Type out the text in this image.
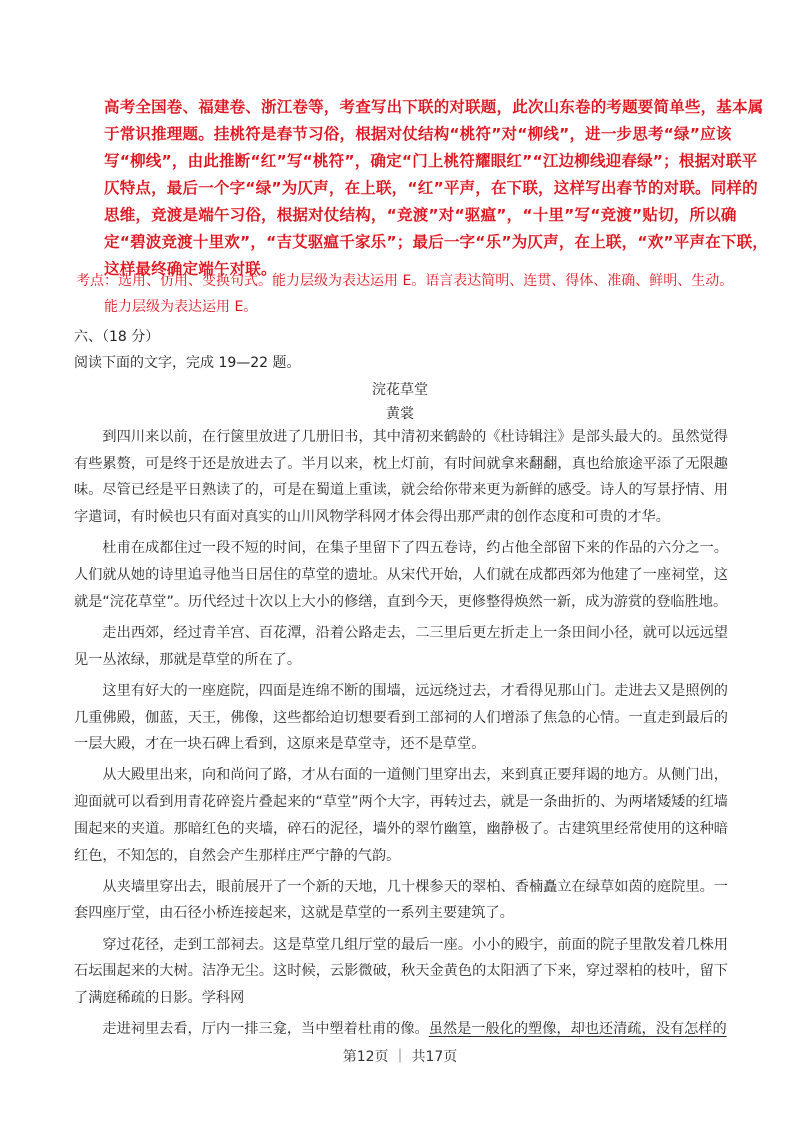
高考全国卷、福建卷、浙江卷等，考查写出下联的对联题，此次山东卷的考题要简单些，基本属于常识推理题。挂桃符是春节习俗，根据对仗结构“桃符”对“柳线”，进一步思考“绿”应该写“柳线”，由此推断“红”写“桃符”，确定“门上桃符耀眼红”“江边柳线迎春绿”；根据对联平仄特点，最后一个字“绿”为仄声，在上联，“红”平声，在下联，这样写出春节的对联。同样的思维，竞渡是端午习俗，根据对仗结构，“竞渡”对“驱瘟”，“十里”写“竞渡”贴切，所以确定“碧波竞渡十里欢”，“吉艾驱瘟千家乐”；最后一字“乐”为仄声，在上联，“欢”平声在下联，这样最终确定端午对联。

考点：选用、仿用、变换句式。能力层级为表达运用 E。语言表达简明、连贯、得体、准确、鲜明、生动。

能力层级为表达运用 E。

六、（18 分）
阅读下面的文字，完成 19—22 题。
浣花草堂
黄裳

到四川来以前，在行箧里放进了几册旧书，其中清初来鹤龄的《杜诗辑注》是部头最大的。虽然觉得有些累赘，可是终于还是放进去了。半月以来，枕上灯前，有时间就拿来翻翻，真也给旅途平添了无限趣味。尽管已经是平日熟读了的，可是在蜀道上重读，就会给你带来更为新鲜的感受。诗人的写景抒情、用字遣词，有时候也只有面对真实的山川风物学科网才体会得出那严肃的创作态度和可贵的才华。

杜甫在成都住过一段不短的时间，在集子里留下了四五卷诗，约占他全部留下来的作品的六分之一。人们就从她的诗里追寻他当日居住的草堂的遗址。从宋代开始，人们就在成都西郊为他建了一座祠堂，这就是“浣花草堂”。历代经过十次以上大小的修缮，直到今天，更修整得焕然一新，成为游赏的登临胜地。

走出西郊，经过青羊宫、百花潭，沿着公路走去，二三里后更左折走上一条田间小径，就可以远远望见一丛浓绿，那就是草堂的所在了。

这里有好大的一座庭院，四面是连绵不断的围墙，远远绕过去，才看得见那山门。走进去又是照例的几重佛殿，伽蓝，天王，佛像，这些都给迫切想要看到工部祠的人们增添了焦急的心情。一直走到最后的一层大殿，才在一块石碑上看到，这原来是草堂寺，还不是草堂。

从大殿里出来，向和尚问了路，才从右面的一道侧门里穿出去，来到真正要拜谒的地方。从侧门出，迎面就可以看到用青花碎瓷片叠起来的“草堂”两个大字，再转过去，就是一条曲折的、为两堵矮矮的红墙围起来的夹道。那暗红色的夹墙，碎石的泥径，墙外的翠竹幽篁，幽静极了。古建筑里经常使用的这种暗红色，不知怎的，自然会产生那样庄严宁静的气韵。

从夹墙里穿出去，眼前展开了一个新的天地，几十棵参天的翠柏、香楠矗立在绿草如茵的庭院里。一套四座厅堂，由石径小桥连接起来，这就是草堂的一系列主要建筑了。

穿过花径，走到工部祠去。这是草堂几组厅堂的最后一座。小小的殿宇，前面的院子里散发着几株用石坛围起来的大树。洁净无尘。这时候，云影微破，秋天金黄色的太阳洒了下来，穿过翠柏的枝叶，留下了满庭稀疏的日影。学科网

走进祠里去看，厅内一排三龛，当中塑着杜甫的像。虽然是一般化的塑像，却也还清疏，没有怎样的

第12页 ｜ 共17页
